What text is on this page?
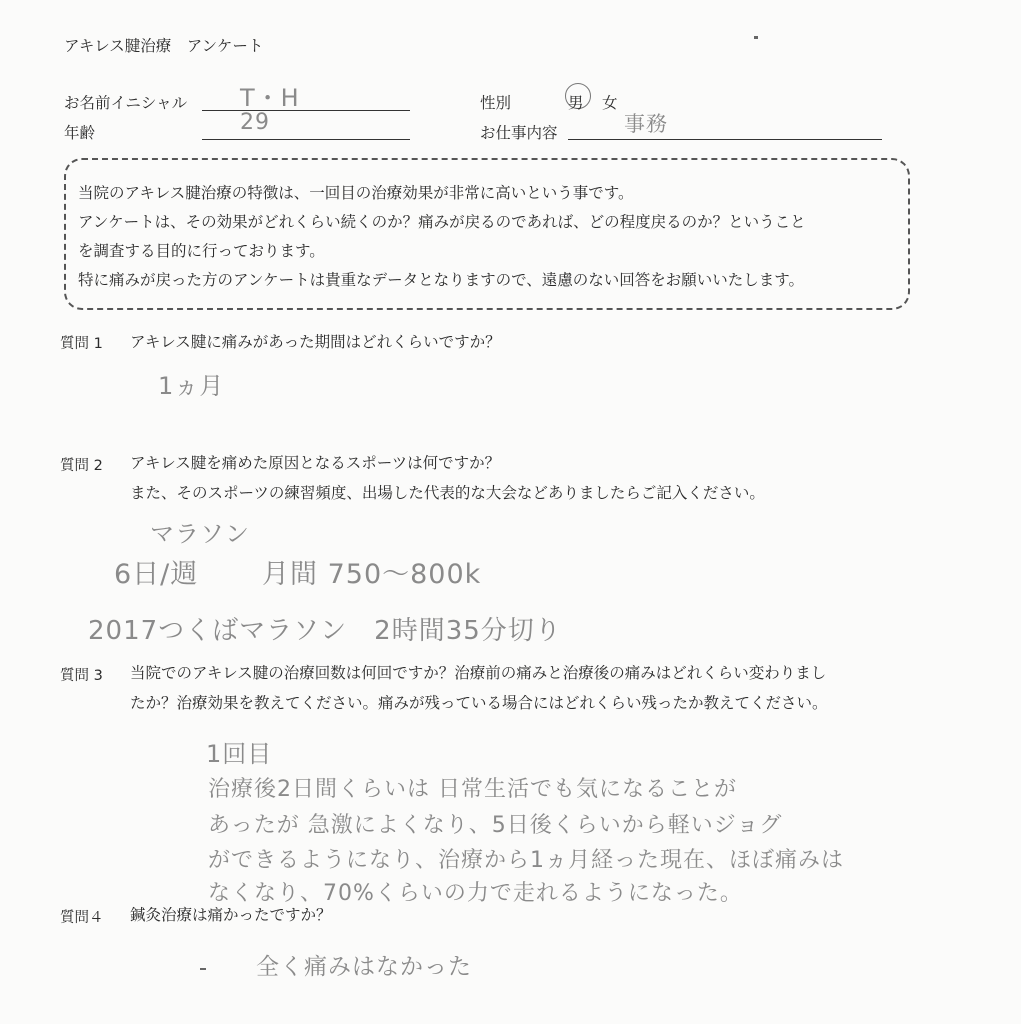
アキレス腱治療　アンケート
お名前イニシャル T・H
年齢	29
性別	男 女
お仕事内容	事務

当院のアキレス腱治療の特徴は、一回目の治療効果が非常に高いという事です。

アンケートは、その効果がどれくらい続くのか？痛みが戻るのであれば、どの程度戻るのか？ということ

を調査する目的に行っております。

特に痛みが戻った方のアンケートは貴重なデータとなりますので、遠慮のない回答をお願いいたします。

質問 1 アキレス腱に痛みがあった期間はどれくらいですか？
1ヵ月
質問 2 アキレス腱を痛めた原因となるスポーツは何ですか？
また、そのスポーツの練習頻度、出場した代表的な大会などありましたらご記入ください。
マラソン
6日/週 月間 750～800k
2017つくばマラソン　2時間35分切り
質問 3 当院でのアキレス腱の治療回数は何回ですか？治療前の痛みと治療後の痛みはどれくらい変わりまし
たか？治療効果を教えてください。痛みが残っている場合にはどれくらい残ったか教えてください。
1回目
治療後2日間くらいは 日常生活でも気になることが
あったが 急激によくなり、5日後くらいから軽いジョグ
ができるようになり、治療から1ヵ月経った現在、ほぼ痛みは
なくなり、70%くらいの力で走れるようになった。
質問４ 鍼灸治療は痛かったですか？
全く痛みはなかった
